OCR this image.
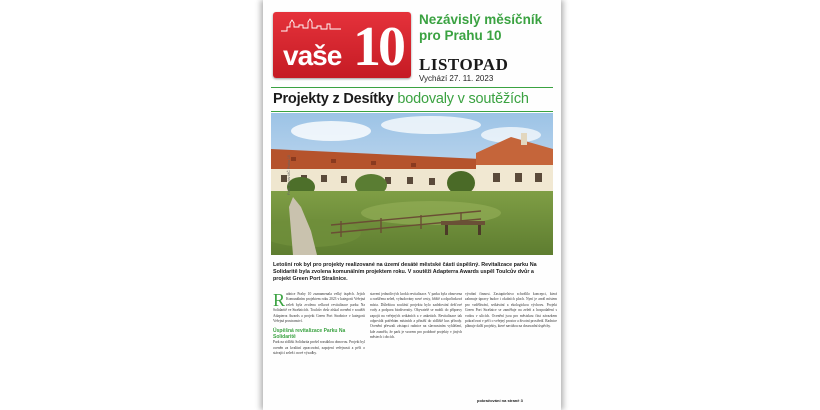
vaše 10 Nezávislý měsíčník pro Prahu 10
LISTOPAD
Vychází 27. 11. 2023
Projekty z Desítky bodovaly v soutěžích
Foto: archiv MČ Praha 10
Letošní rok byl pro projekty realizované na území desáté městské části úspěšný. Revitalizace parku Na Solidaritě byla zvolena komunálním projektem roku. V soutěži Adapterra Awards uspěl Toulcův dvůr a projekt Green Port Strašnice.
R adnice Prahy 10 zaznamenala velký úspěch. Jejich Komunálním projektem roku 2023 v kategorii Veřejná zeleň byla zvolena celková revitalizace parku Na Solidaritě ve Strašnicích. Toulcův dvůr získal ocenění v soutěži Adapterra Awards a projekt Green Port Strašnice v kategorii Veřejná prostranství.
Úspěšná revitalizace Parku Na Solidaritě
Park na sídlišti Solidarita prošel rozsáhlou obnovou. Projekt byl oceněn za kvalitní zpracování, zapojení veřejnosti a péči o stávající zeleň i nové výsadby.
stavení jednotlivých kroků revitalizace. V parku byla obnovena a rozšířena zeleň, vybudovány nové cesty, hřiště a odpočinková místa. Důležitou součástí projektu bylo zadržování dešťové vody a podpora biodiverzity. Obyvatelé se mohli do přípravy zapojit na veřejných setkáních a v anketách. Revitalizace tak odpovídá potřebám místních a přináší do sídliště kus přírody. Ocenění převzali zástupci radnice na slavnostním vyhlášení, kde zaznělo, že park je vzorem pro podobné projekty v jiných městech i obcích.
výrobní činnost. Zastupitelstvo schválilo koncepci, která zahrnuje úpravy budov i okolních ploch. Nyní je areál místem pro vzdělávání, setkávání a ekologickou výchovu. Projekt Green Port Strašnice se zaměřuje na zeleň a hospodaření s vodou v ulicích. Ocenění jsou pro městskou část závazkem pokračovat v péči o veřejný prostor a životní prostředí. Radnice plánuje další projekty, které navážou na dosavadní úspěchy.
pokračování na straně 3
